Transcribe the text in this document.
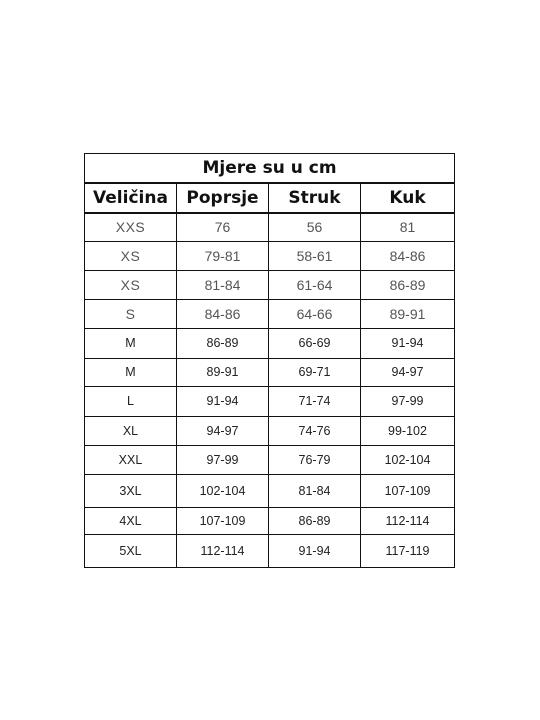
Mjere su u cm			
Veličina	Poprsje	Struk	Kuk
XXS	76	56	81
XS	79-81	58-61	84-86
XS	81-84	61-64	86-89
S	84-86	64-66	89-91
M	86-89	66-69	91-94
M	89-91	69-71	94-97
L	91-94	71-74	97-99
XL	94-97	74-76	99-102
XXL	97-99	76-79	102-104
3XL	102-104	81-84	107-109
4XL	107-109	86-89	112-114
5XL	112-114	91-94	117-119
